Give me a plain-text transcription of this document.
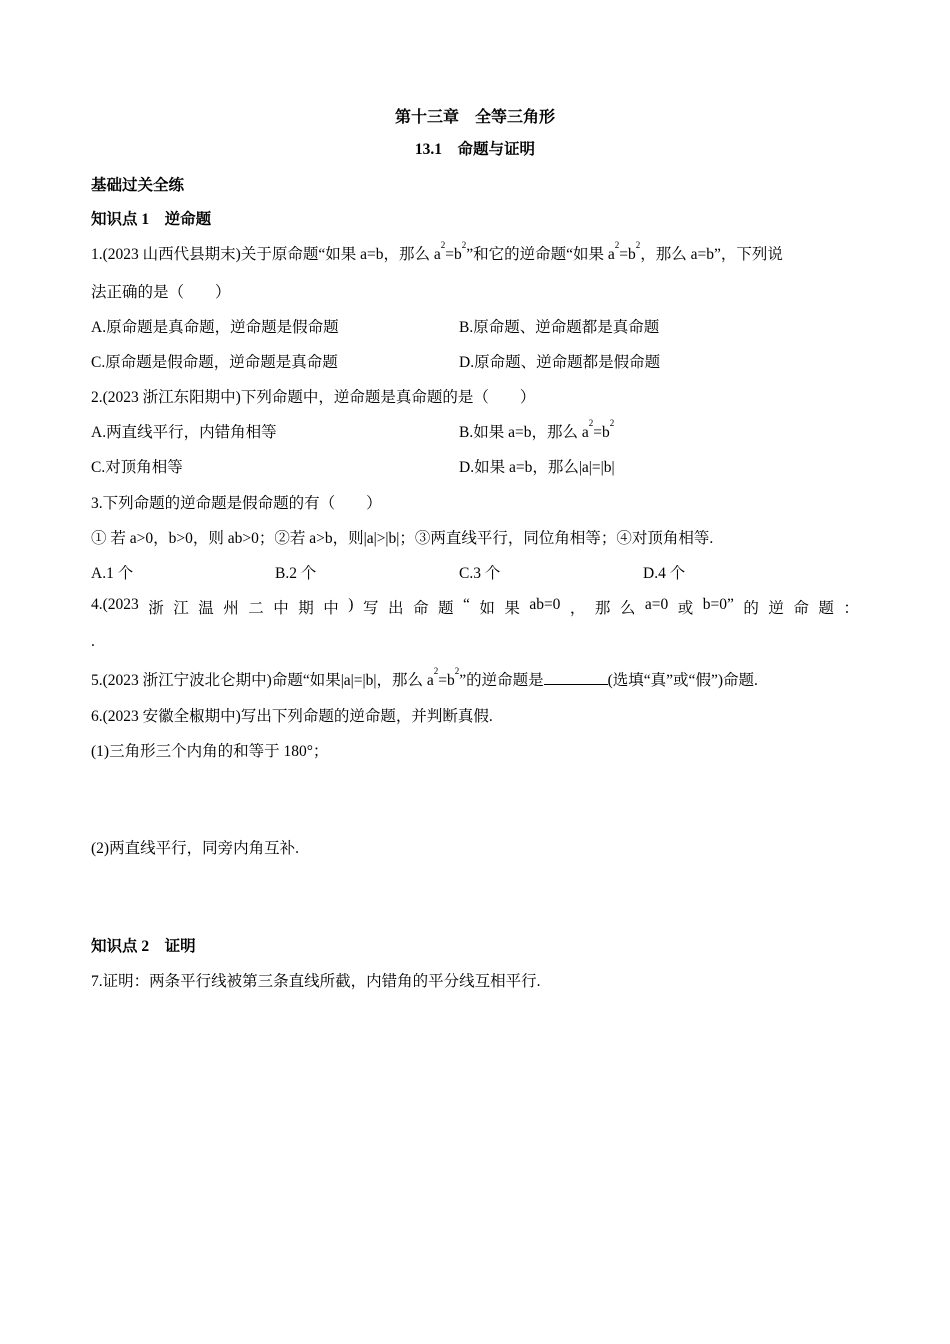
第十三章　全等三角形
13.1　命题与证明
基础过关全练
知识点 1　逆命题
1.(2023 山西代县期末)关于原命题“如果 a=b，那么 $a^2=b^2$”和它的逆命题“如果 $a^2=b^2$，那么 a=b”，下列说
法正确的是（　　）
A.原命题是真命题，逆命题是假命题	B.原命题、逆命题都是真命题
C.原命题是假命题，逆命题是真命题	D.原命题、逆命题都是假命题
2.(2023 浙江东阳期中)下列命题中，逆命题是真命题的是（　　）
A.两直线平行，内错角相等	B.如果 a=b，那么 $a^2=b^2$
C.对顶角相等	D.如果 a=b，那么|a|=|b|
3.下列命题的逆命题是假命题的有（　　）
① 若 a>0，b>0，则 ab>0；②若 a>b，则|a|>|b|；③两直线平行，同位角相等；④对顶角相等.
A.1 个	B.2 个	C.3 个	D.4 个
4.(2023 浙 江 温 州 二 中 期 中 ) 写 出 命 题 “ 如 果 ab=0 ， 那 么 a=0 或 b=0” 的 逆 命 题 ：
.
5.(2023 浙江宁波北仑期中)命题“如果|a|=|b|，那么 $a^2=b^2$”的逆命题是	(选填“真”或“假”)命题.
6.(2023 安徽全椒期中)写出下列命题的逆命题，并判断真假.
(1)三角形三个内角的和等于 180°；
(2)两直线平行，同旁内角互补.
知识点 2　证明
7.证明：两条平行线被第三条直线所截，内错角的平分线互相平行.
